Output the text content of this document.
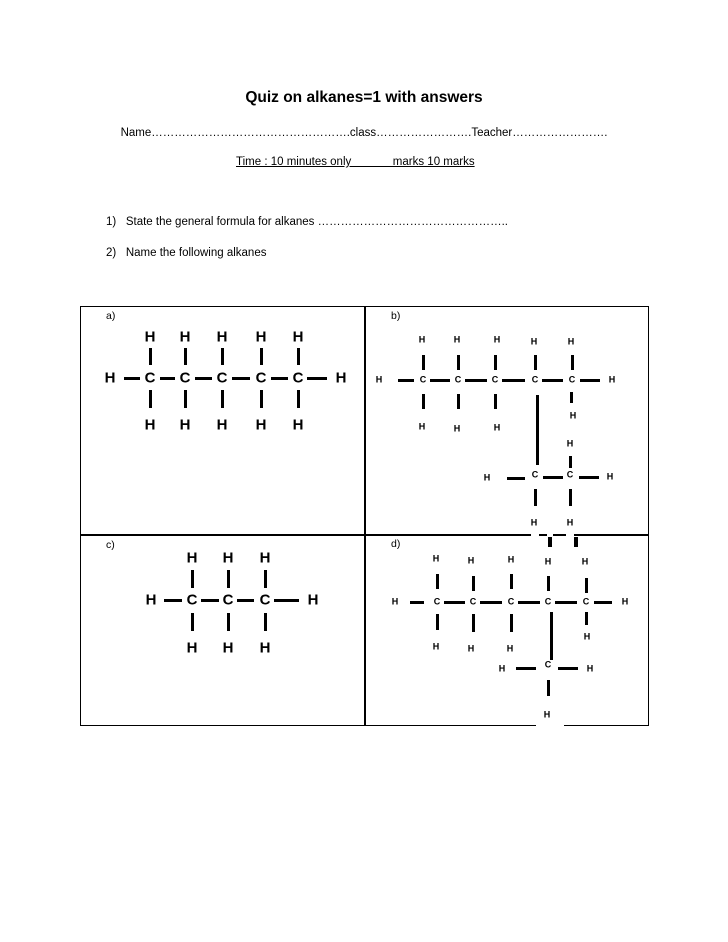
Quiz on alkanes=1 with answers
Name…………………………………………….class…………………….Teacher…………………….
Time : 10 minutes only             marks 10 marks
1) State the general formula for alkanes …………………………………………..
2) Name the following alkanes
a)	b)
c)	d)
C
H
H
C
H
H
C
H
H
C
H
H
C
H
H
H	H	C	C	C	C	C
H	H
H	H	H	H	H
H	H	H
H
H
C	C
H	H
H	H
C
H
H
C
H
H
C
H
H
H	H	C	C	C	C	C
H	H
H	H	H	H	H
H	H	H
H
C
H	H
H
